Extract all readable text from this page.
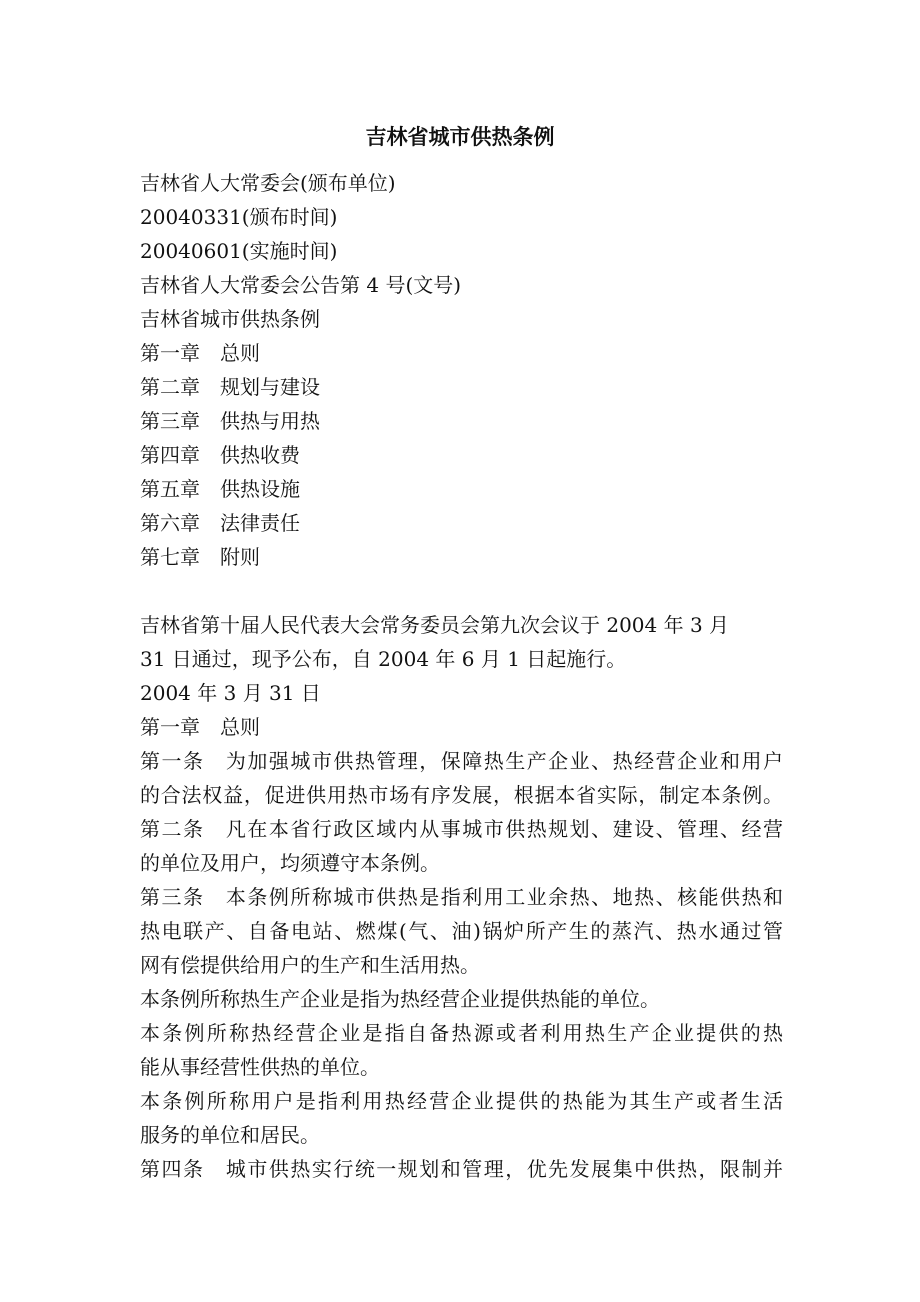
吉林省城市供热条例
吉林省人大常委会(颁布单位)
20040331(颁布时间)
20040601(实施时间)
吉林省人大常委会公告第 4 号(文号)
吉林省城市供热条例
第一章　总则
第二章　规划与建设
第三章　供热与用热
第四章　供热收费
第五章　供热设施
第六章　法律责任
第七章　附则
吉林省第十届人民代表大会常务委员会第九次会议于 2004 年 3 月
31 日通过，现予公布，自 2004 年 6 月 1 日起施行。
2004 年 3 月 31 日
第一章　总则
第一条　为加强城市供热管理，保障热生产企业、热经营企业和用户
的合法权益，促进供用热市场有序发展，根据本省实际，制定本条例。
第二条　凡在本省行政区域内从事城市供热规划、建设、管理、经营
的单位及用户，均须遵守本条例。
第三条　本条例所称城市供热是指利用工业余热、地热、核能供热和
热电联产、自备电站、燃煤(气、油)锅炉所产生的蒸汽、热水通过管
网有偿提供给用户的生产和生活用热。
本条例所称热生产企业是指为热经营企业提供热能的单位。
本条例所称热经营企业是指自备热源或者利用热生产企业提供的热
能从事经营性供热的单位。
本条例所称用户是指利用热经营企业提供的热能为其生产或者生活
服务的单位和居民。
第四条　城市供热实行统一规划和管理，优先发展集中供热，限制并
